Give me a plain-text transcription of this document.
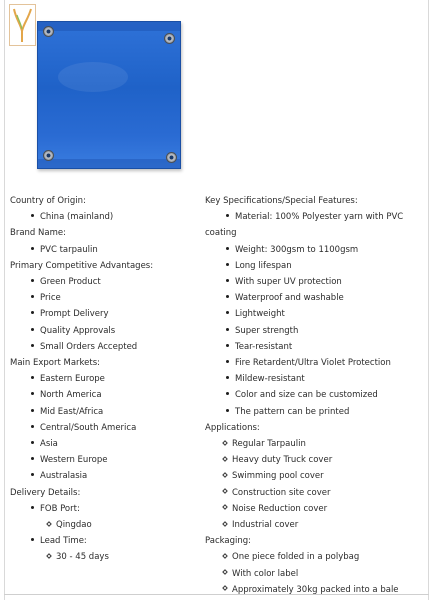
Country of Origin:
China (mainland)
Brand Name:
PVC tarpaulin
Primary Competitive Advantages:
Green Product
Price
Prompt Delivery
Quality Approvals
Small Orders Accepted
Main Export Markets:
Eastern Europe
North America
Mid East/Africa
Central/South America
Asia
Western Europe
Australasia
Delivery Details:
FOB Port:
Qingdao
Lead Time:
30 - 45 days
Key Specifications/Special Features:
Material: 100% Polyester yarn with PVC
coating
Weight: 300gsm to 1100gsm
Long lifespan
With super UV protection
Waterproof and washable
Lightweight
Super strength
Tear-resistant
Fire Retardent/Ultra Violet Protection
Mildew-resistant
Color and size can be customized
The pattern can be printed
Applications:
Regular Tarpaulin
Heavy duty Truck cover
Swimming pool cover
Construction site cover
Noise Reduction cover
Industrial cover
Packaging:
One piece folded in a polybag
With color label
Approximately 30kg packed into a bale
